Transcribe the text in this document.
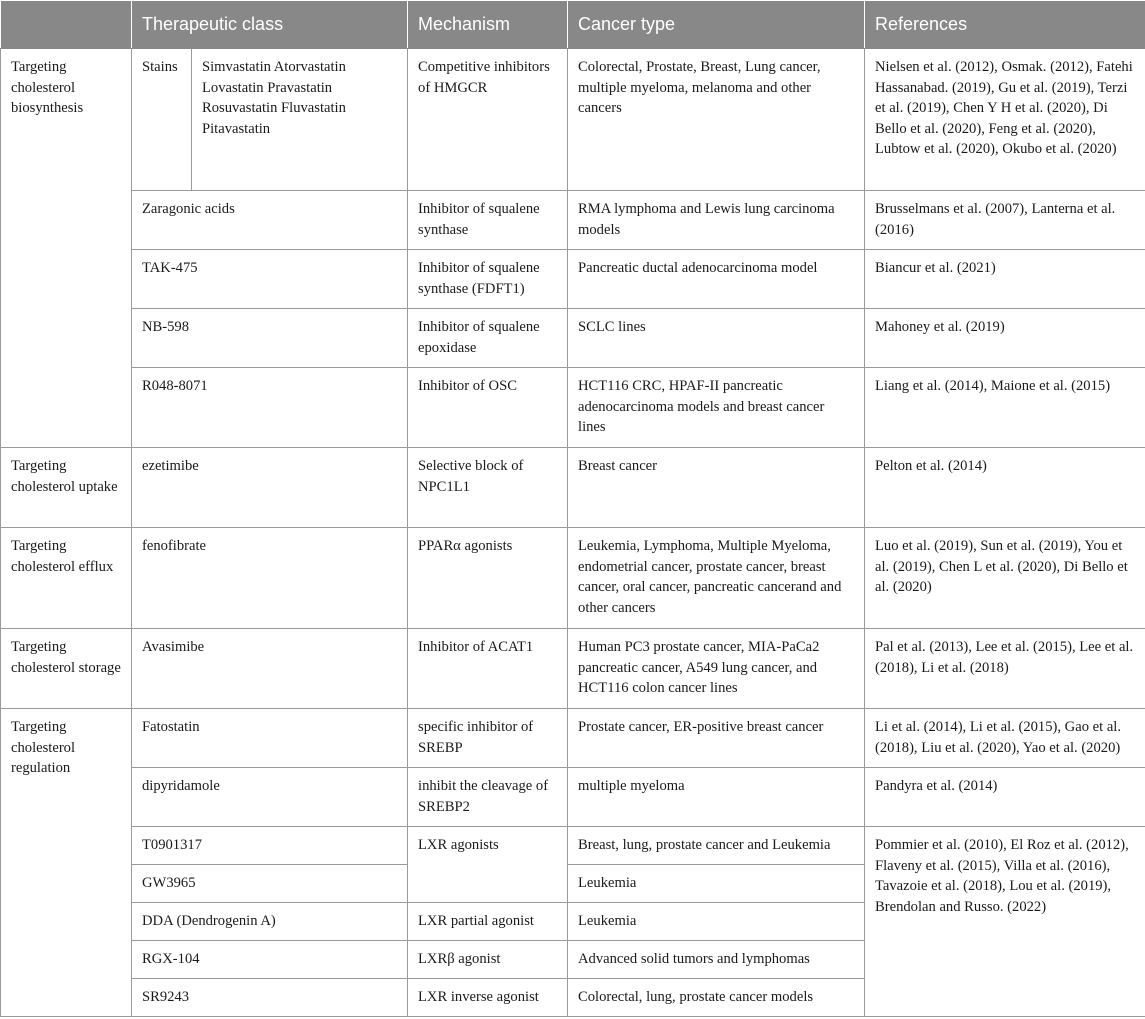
	Therapeutic class		Mechanism	Cancer type	References
Targeting cholesterol biosynthesis	Stains	Simvastatin Atorvastatin Lovastatin Pravastatin Rosuvastatin Fluvastatin Pitavastatin	Competitive inhibitors of HMGCR	Colorectal, Prostate, Breast, Lung cancer, multiple myeloma, melanoma and other cancers	Nielsen et al. (2012), Osmak. (2012), Fatehi Hassanabad. (2019), Gu et al. (2019), Terzi et al. (2019), Chen Y H et al. (2020), Di Bello et al. (2020), Feng et al. (2020), Lubtow et al. (2020), Okubo et al. (2020)
	Zaragonic acids		Inhibitor of squalene synthase	RMA lymphoma and Lewis lung carcinoma models	Brusselmans et al. (2007), Lanterna et al. (2016)
	TAK-475		Inhibitor of squalene synthase (FDFT1)	Pancreatic ductal adenocarcinoma model	Biancur et al. (2021)
	NB-598		Inhibitor of squalene epoxidase	SCLC lines	Mahoney et al. (2019)
	R048-8071		Inhibitor of OSC	HCT116 CRC, HPAF-II pancreatic adenocarcinoma models and breast cancer lines	Liang et al. (2014), Maione et al. (2015)
Targeting cholesterol uptake	ezetimibe		Selective block of NPC1L1	Breast cancer	Pelton et al. (2014)
Targeting cholesterol efflux	fenofibrate		PPARα agonists	Leukemia, Lymphoma, Multiple Myeloma, endometrial cancer, prostate cancer, breast cancer, oral cancer, pancreatic cancerand and other cancers	Luo et al. (2019), Sun et al. (2019), You et al. (2019), Chen L et al. (2020), Di Bello et al. (2020)
Targeting cholesterol storage	Avasimibe		Inhibitor of ACAT1	Human PC3 prostate cancer, MIA-PaCa2 pancreatic cancer, A549 lung cancer, and HCT116 colon cancer lines	Pal et al. (2013), Lee et al. (2015), Lee et al. (2018), Li et al. (2018)
Targeting cholesterol regulation	Fatostatin		specific inhibitor of SREBP	Prostate cancer, ER-positive breast cancer	Li et al. (2014), Li et al. (2015), Gao et al. (2018), Liu et al. (2020), Yao et al. (2020)
	dipyridamole		inhibit the cleavage of SREBP2	multiple myeloma	Pandyra et al. (2014)
	T0901317		LXR agonists	Breast, lung, prostate cancer and Leukemia	Pommier et al. (2010), El Roz et al. (2012), Flaveny et al. (2015), Villa et al. (2016), Tavazoie et al. (2018), Lou et al. (2019), Brendolan and Russo. (2022)
	GW3965			Leukemia	
	DDA (Dendrogenin A)		LXR partial agonist	Leukemia	
	RGX-104		LXRβ agonist	Advanced solid tumors and lymphomas	
	SR9243		LXR inverse agonist	Colorectal, lung, prostate cancer models	
